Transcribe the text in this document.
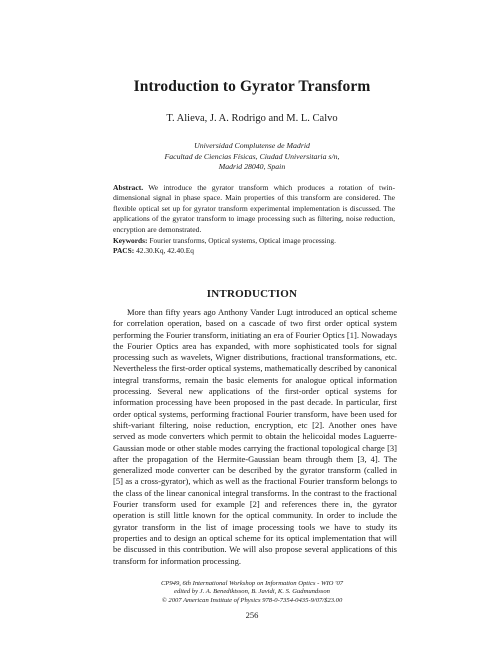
Introduction to Gyrator Transform
T. Alieva, J. A. Rodrigo and M. L. Calvo
Universidad Complutense de Madrid
Facultad de Ciencias Físicas, Ciudad Universitaria s/n,
Madrid 28040, Spain
Abstract. We introduce the gyrator transform which produces a rotation of twin-dimensional signal in phase space. Main properties of this transform are considered. The flexible optical set up for gyrator transform experimental implementation is discussed. The applications of the gyrator transform to image processing such as filtering, noise reduction, encryption are demonstrated.
Keywords: Fourier transforms, Optical systems, Optical image processing.
PACS: 42.30.Kq, 42.40.Eq
INTRODUCTION
More than fifty years ago Anthony Vander Lugt introduced an optical scheme for correlation operation, based on a cascade of two first order optical system performing the Fourier transform, initiating an era of Fourier Optics [1]. Nowadays the Fourier Optics area has expanded, with more sophisticated tools for signal processing such as wavelets, Wigner distributions, fractional transformations, etc. Nevertheless the first-order optical systems, mathematically described by canonical integral transforms, remain the basic elements for analogue optical information processing. Several new applications of the first-order optical systems for information processing have been proposed in the past decade. In particular, first order optical systems, performing fractional Fourier transform, have been used for shift-variant filtering, noise reduction, encryption, etc [2]. Another ones have served as mode converters which permit to obtain the helicoidal modes Laguerre-Gaussian mode or other stable modes carrying the fractional topological charge [3] after the propagation of the Hermite-Gaussian beam through them [3, 4]. The generalized mode converter can be described by the gyrator transform (called in [5] as a cross-gyrator), which as well as the fractional Fourier transform belongs to the class of the linear canonical integral transforms. In the contrast to the fractional Fourier transform used for example [2] and references there in, the gyrator operation is still little known for the optical community. In order to include the gyrator transform in the list of image processing tools we have to study its properties and to design an optical scheme for its optical implementation that will be discussed in this contribution. We will also propose several applications of this transform for information processing.
CP949, 6th International Workshop on Information Optics - WIO '07
edited by J. A. Benediktsson, B. Javidi, K. S. Gudmundsson
© 2007 American Institute of Physics 978-0-7354-0435-9/07/$23.00
256
